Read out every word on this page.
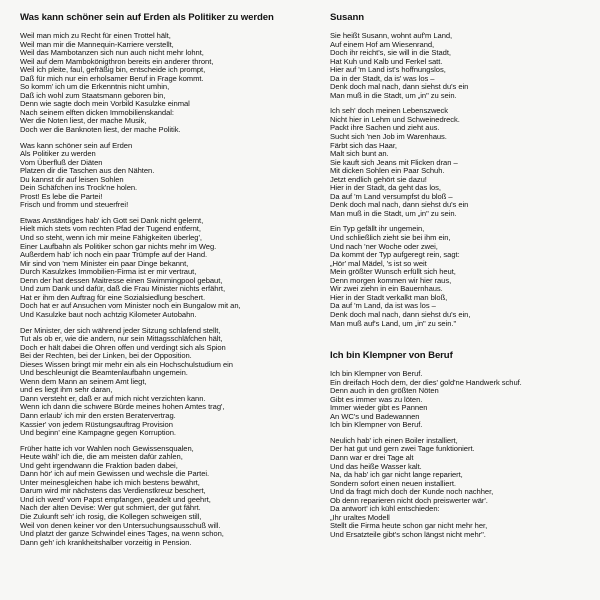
Was kann schöner sein auf Erden als Politiker zu werden
Weil man mich zu Recht für einen Trottel hält,
Weil man mir die Mannequin-Karriere verstellt,
Weil das Mambotanzen sich nun auch nicht mehr lohnt,
Weil auf dem Mambokönigthron bereits ein anderer thront,
Weil ich pleite, faul, gefräßig bin, entscheide ich prompt,
Daß für mich nur ein erholsamer Beruf in Frage kommt.
So komm' ich um die Erkenntnis nicht umhin,
Daß ich wohl zum Staatsmann geboren bin,
Denn wie sagte doch mein Vorbild Kasulzke einmal
Nach seinem elften dicken Immobilienskandal:
Wer die Noten liest, der mache Musik,
Doch wer die Banknoten liest, der mache Politik.
Was kann schöner sein auf Erden
Als Politiker zu werden
Vom Überfluß der Diäten
Platzen dir die Taschen aus den Nähten.
Du kannst dir auf leisen Sohlen
Dein Schäfchen ins Trock'ne holen.
Prost! Es lebe die Partei!
Frisch und fromm und steuerfrei!
Etwas Anständiges hab' ich Gott sei Dank nicht gelernt,
Hielt mich stets vom rechten Pfad der Tugend entfernt,
Und so steht, wenn ich mir meine Fähigkeiten überleg',
Einer Laufbahn als Politiker schon gar nichts mehr im Weg.
Außerdem hab' ich noch ein paar Trümpfe auf der Hand.
Mir sind von 'nem Minister ein paar Dinge bekannt,
Durch Kasulzkes Immobilien-Firma ist er mir vertraut,
Denn der hat dessen Maitresse einen Swimmingpool gebaut,
Und zum Dank und dafür, daß die Frau Minister nichts erfährt,
Hat er ihm den Auftrag für eine Sozialsiedlung beschert.
Doch hat er auf Ansuchen vom Minister noch ein Bungalow mit an,
Und Kasulzke baut noch achtzig Kilometer Autobahn.
Der Minister, der sich während jeder Sitzung schlafend stellt,
Tut als ob er, wie die andern, nur sein Mittagsschläfchen hält,
Doch er hält dabei die Ohren offen und verdingt sich als Spion
Bei der Rechten, bei der Linken, bei der Opposition.
Dieses Wissen bringt mir mehr ein als ein Hochschulstudium ein
Und beschleunigt die Beamtenlaufbahn ungemein.
Wenn dem Mann an seinem Amt liegt,
und es liegt ihm sehr daran,
Dann versteht er, daß er auf mich nicht verzichten kann.
Wenn ich dann die schwere Bürde meines hohen Amtes trag',
Dann erlaub' ich mir den ersten Beratervertrag.
Kassier' von jedem Rüstungsauftrag Provision
Und beginn' eine Kampagne gegen Korruption.
Früher hatte ich vor Wahlen noch Gewissensqualen,
Heute wähl' ich die, die am meisten dafür zahlen,
Und geht irgendwann die Fraktion baden dabei,
Dann hör' ich auf mein Gewissen und wechsle die Partei.
Unter meinesgleichen habe ich mich bestens bewährt,
Darum wird mir nächstens das Verdienstkreuz beschert,
Und ich werd' vom Papst empfangen, geadelt und geehrt,
Nach der alten Devise: Wer gut schmiert, der gut fährt.
Die Zukunft seh' ich rosig, die Kollegen schweigen still,
Weil von denen keiner vor den Untersuchungsausschuß will.
Und platzt der ganze Schwindel eines Tages, na wenn schon,
Dann geh' ich krankheitshalber vorzeitig in Pension.
Susann
Sie heißt Susann, wohnt auf'm Land,
Auf einem Hof am Wiesenrand,
Doch ihr reicht's, sie will in die Stadt,
Hat Kuh und Kalb und Ferkel satt.
Hier auf 'm Land ist's hoffnungslos,
Da in der Stadt, da is' was los –
Denk doch mal nach, dann siehst du's ein
Man muß in die Stadt, um „in" zu sein.
Ich seh' doch meinen Lebenszweck
Nicht hier in Lehm und Schweinedreck.
Packt ihre Sachen und zieht aus.
Sucht sich 'nen Job im Warenhaus.
Färbt sich das Haar,
Malt sich bunt an.
Sie kauft sich Jeans mit Flicken dran –
Mit dicken Sohlen ein Paar Schuh.
Jetzt endlich gehört sie dazu!
Hier in der Stadt, da geht das los,
Da auf 'm Land versumpfst du bloß –
Denk doch mal nach, dann siehst du's ein
Man muß in die Stadt, um „in" zu sein.
Ein Typ gefällt ihr ungemein,
Und schließlich zieht sie bei ihm ein,
Und nach 'ner Woche oder zwei,
Da kommt der Typ aufgeregt rein, sagt:
„Hör' mal Mädel, 's ist so weit
Mein größter Wunsch erfüllt sich heut,
Denn morgen kommen wir hier raus,
Wir zwei ziehn in ein Bauernhaus.
Hier in der Stadt verkalkt man bloß,
Da auf 'm Land, da ist was los –
Denk doch mal nach, dann siehst du's ein,
Man muß auf's Land, um „in" zu sein."
Ich bin Klempner von Beruf
Ich bin Klempner von Beruf.
Ein dreifach Hoch dem, der dies' gold'ne Handwerk schuf.
Denn auch in den größten Nöten
Gibt es immer was zu löten.
Immer wieder gibt es Pannen
An WC's und Badewannen
Ich bin Klempner von Beruf.
Neulich hab' ich einen Boiler installiert,
Der hat gut und gern zwei Tage funktioniert.
Dann war er drei Tage alt
Und das heiße Wasser kalt.
Na, da hab' ich gar nicht lange repariert,
Sondern sofort einen neuen installiert.
Und da fragt mich doch der Kunde noch nachher,
Ob denn reparieren nicht doch preiswerter wär'.
Da antwort' ich kühl entschieden:
„Ihr uraltes Modell
Stellt die Firma heute schon gar nicht mehr her,
Und Ersatzteile gibt's schon längst nicht mehr".
